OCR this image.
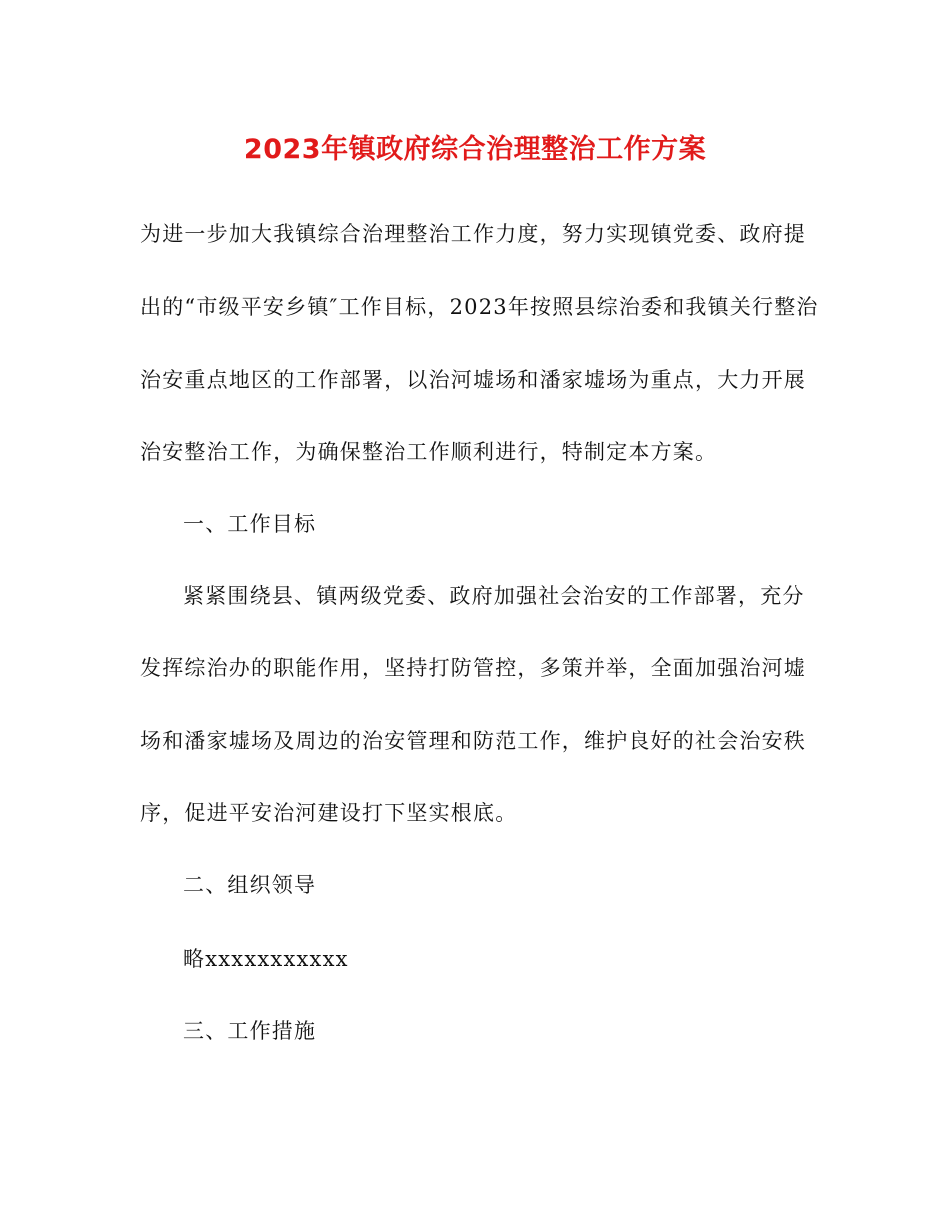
2023年镇政府综合治理整治工作方案
为进一步加大我镇综合治理整治工作力度，努力实现镇党委、政府提
出的“市级平安乡镇″工作目标，2023年按照县综治委和我镇关行整治
治安重点地区的工作部署，以治河墟场和潘家墟场为重点，大力开展
治安整治工作，为确保整治工作顺利进行，特制定本方案。
一、工作目标
紧紧围绕县、镇两级党委、政府加强社会治安的工作部署，充分
发挥综治办的职能作用，坚持打防管控，多策并举，全面加强治河墟
场和潘家墟场及周边的治安管理和防范工作，维护良好的社会治安秩
序，促进平安治河建设打下坚实根底。
二、组织领导
略xxxxxxxxxxx
三、工作措施
